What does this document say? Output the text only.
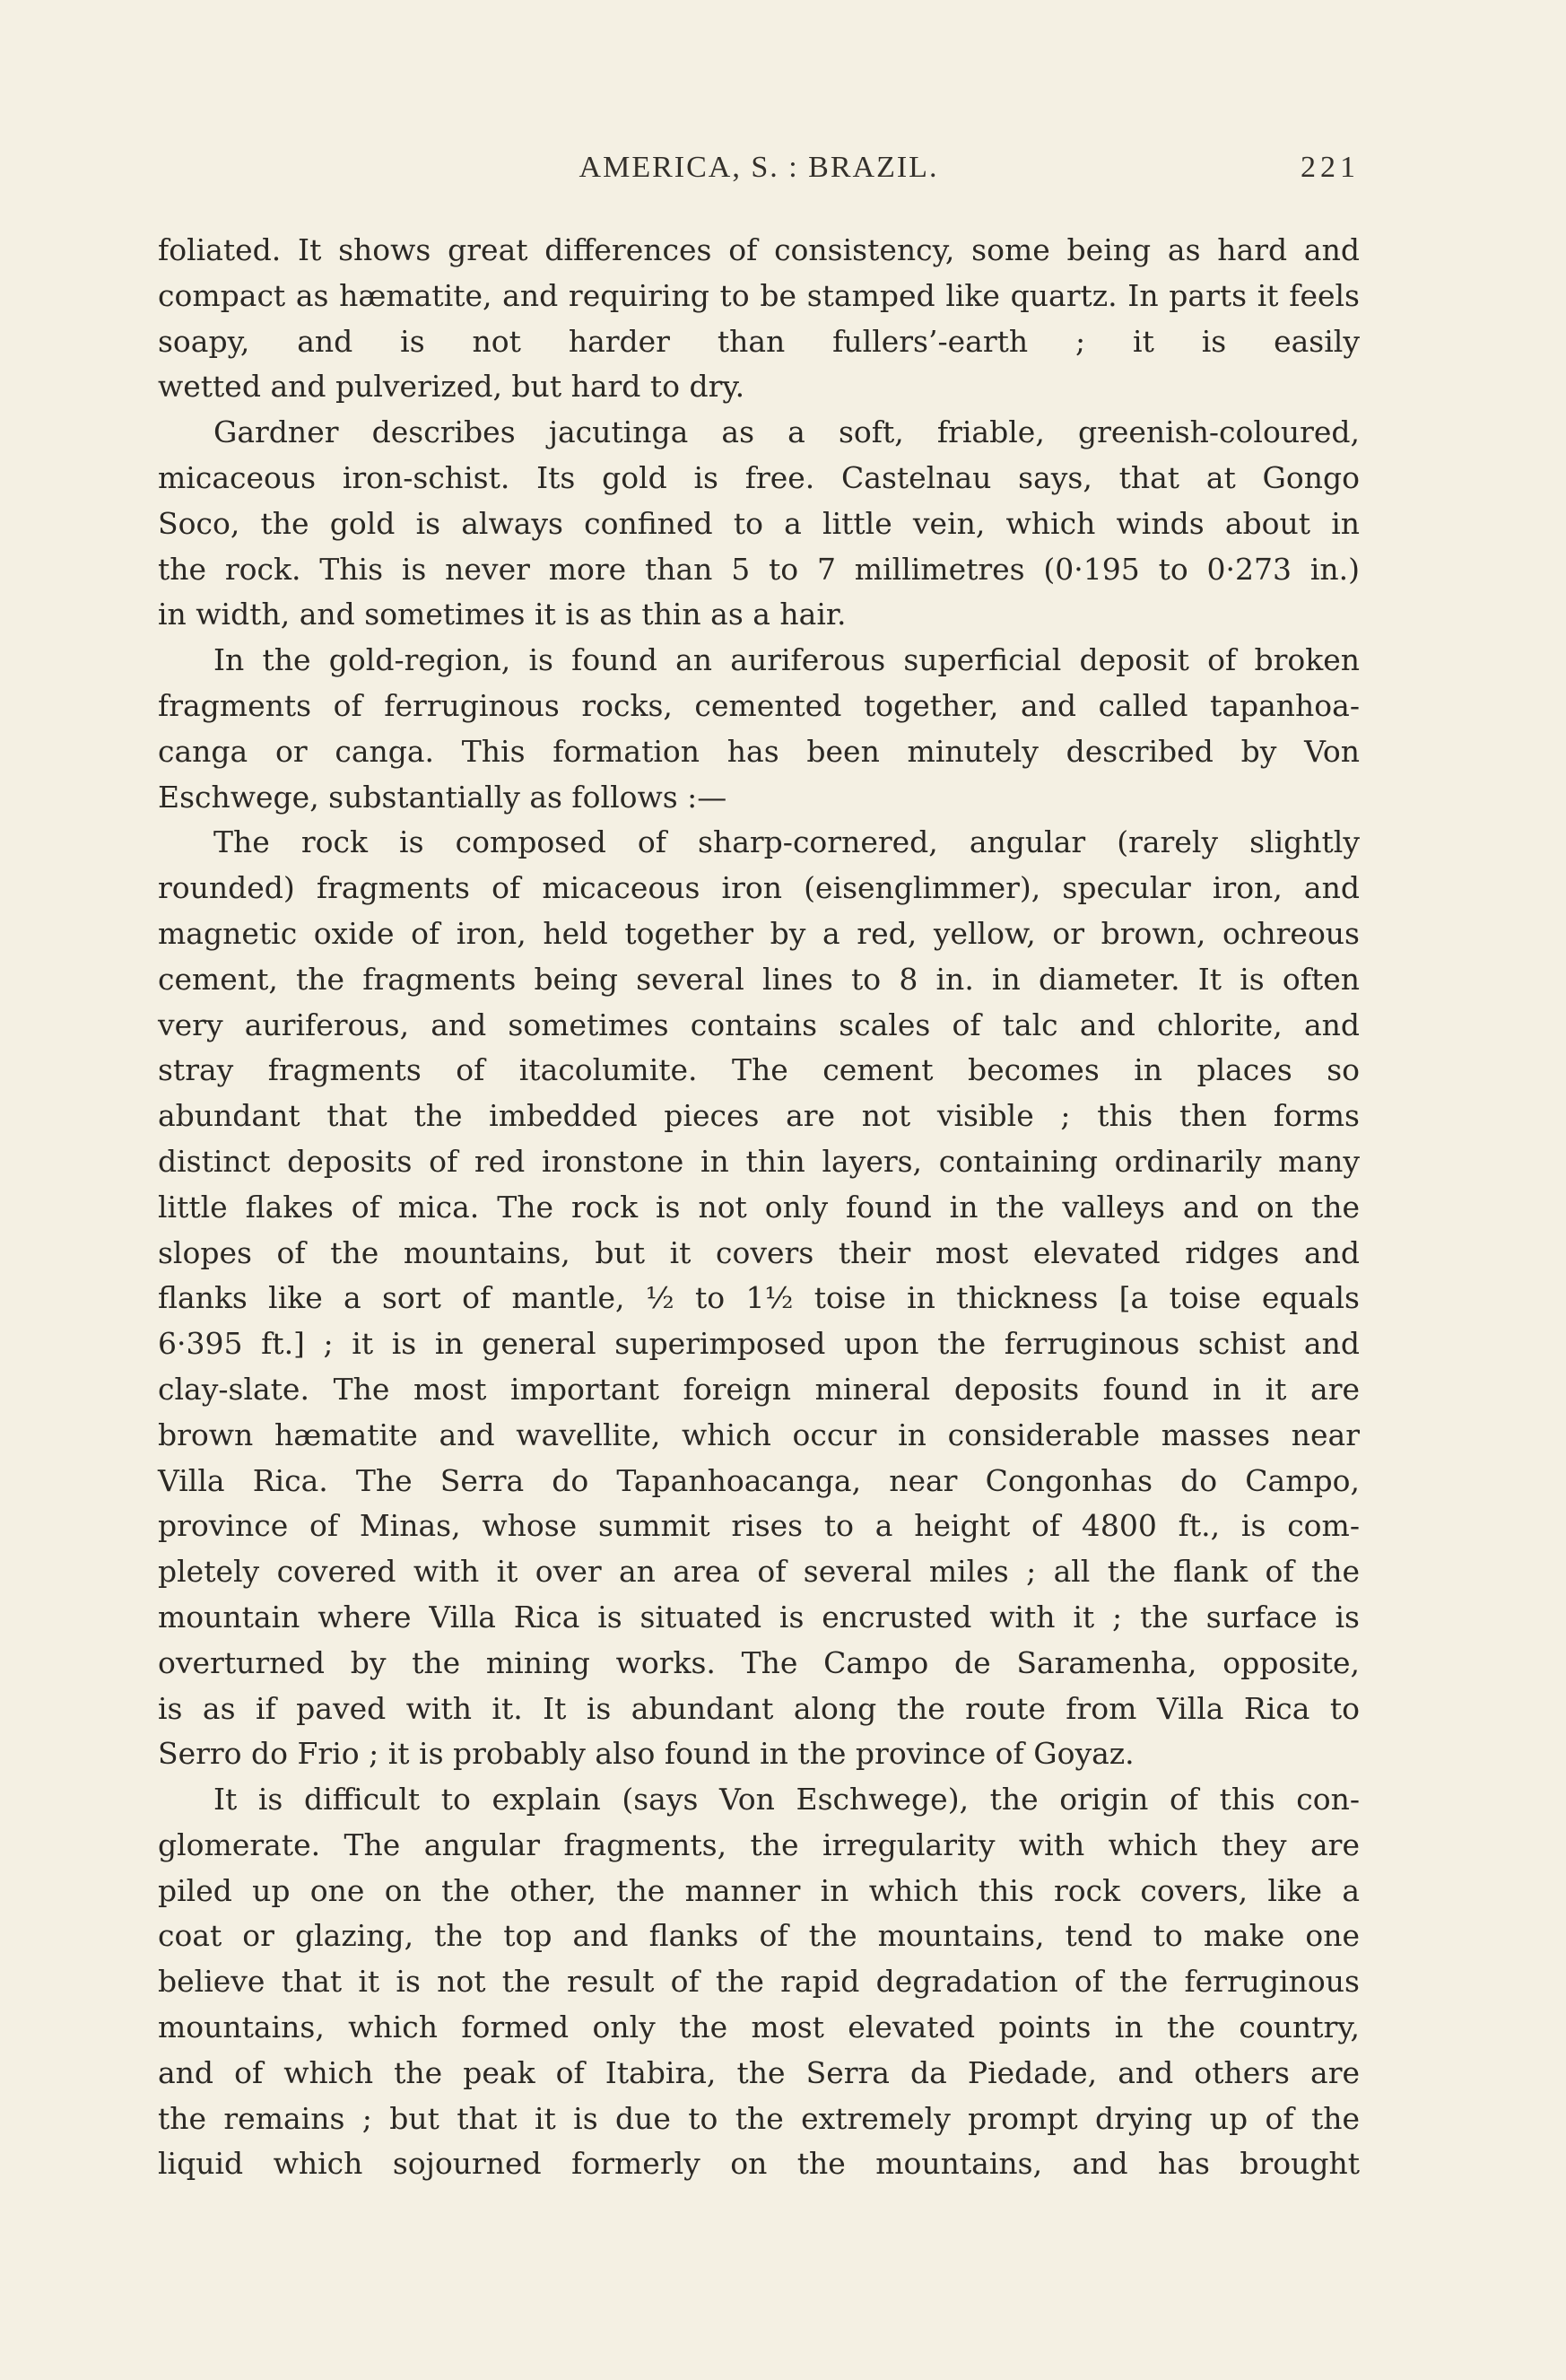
AMERICA, S. : BRAZIL.	221

foliated. It shows great differences of consistency, some being as hard and compact as hæmatite, and requiring to be stamped like quartz. In parts it feels soapy, and is not harder than fullers’-earth ; it is easily

wetted and pulverized, but hard to dry.

Gardner describes jacutinga as a soft, friable, greenish-coloured,

micaceous iron-schist. Its gold is free. Castelnau says, that at Gongo

Soco, the gold is always confined to a little vein, which winds about in

the rock. This is never more than 5 to 7 millimetres (0·195 to 0·273 in.)

in width, and sometimes it is as thin as a hair.

In the gold-region, is found an auriferous superficial deposit of broken

fragments of ferruginous rocks, cemented together, and called tapanhoa-

canga or canga. This formation has been minutely described by Von

Eschwege, substantially as follows :—

The rock is composed of sharp-cornered, angular (rarely slightly

rounded) fragments of micaceous iron (eisenglimmer), specular iron, and

magnetic oxide of iron, held together by a red, yellow, or brown, ochreous

cement, the fragments being several lines to 8 in. in diameter. It is often

very auriferous, and sometimes contains scales of talc and chlorite, and

stray fragments of itacolumite. The cement becomes in places so

abundant that the imbedded pieces are not visible ; this then forms

distinct deposits of red ironstone in thin layers, containing ordinarily many

little flakes of mica. The rock is not only found in the valleys and on the

slopes of the mountains, but it covers their most elevated ridges and

flanks like a sort of mantle, ½ to 1½ toise in thickness [a toise equals

6·395 ft.] ; it is in general superimposed upon the ferruginous schist and

clay-slate. The most important foreign mineral deposits found in it are

brown hæmatite and wavellite, which occur in considerable masses near

Villa Rica. The Serra do Tapanhoacanga, near Congonhas do Campo,

province of Minas, whose summit rises to a height of 4800 ft., is com-

pletely covered with it over an area of several miles ; all the flank of the

mountain where Villa Rica is situated is encrusted with it ; the surface is

overturned by the mining works. The Campo de Saramenha, opposite,

is as if paved with it. It is abundant along the route from Villa Rica to

Serro do Frio ; it is probably also found in the province of Goyaz.

It is difficult to explain (says Von Eschwege), the origin of this con-

glomerate. The angular fragments, the irregularity with which they are

piled up one on the other, the manner in which this rock covers, like a

coat or glazing, the top and flanks of the mountains, tend to make one

believe that it is not the result of the rapid degradation of the ferruginous

mountains, which formed only the most elevated points in the country,

and of which the peak of Itabira, the Serra da Piedade, and others are

the remains ; but that it is due to the extremely prompt drying up of the

liquid which sojourned formerly on the mountains, and has brought
